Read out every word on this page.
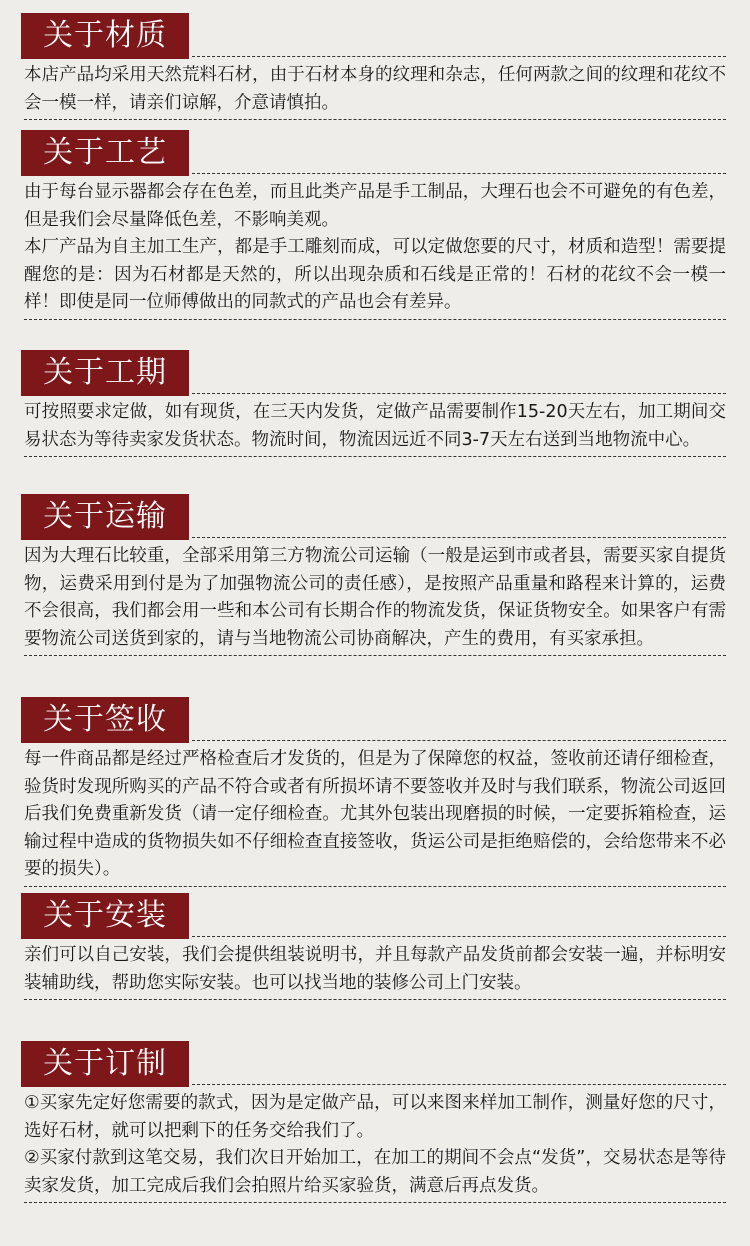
关于材质
本店产品均采用天然荒料石材，由于石材本身的纹理和杂志，任何两款之间的纹理和花纹不会一模一样，请亲们谅解，介意请慎拍。
关于工艺
由于每台显示器都会存在色差，而且此类产品是手工制品，大理石也会不可避免的有色差，但是我们会尽量降低色差，不影响美观。
本厂产品为自主加工生产，都是手工雕刻而成，可以定做您要的尺寸，材质和造型！需要提醒您的是：因为石材都是天然的，所以出现杂质和石线是正常的！石材的花纹不会一模一样！即使是同一位师傅做出的同款式的产品也会有差异。
关于工期
可按照要求定做，如有现货，在三天内发货，定做产品需要制作15-20天左右，加工期间交易状态为等待卖家发货状态。物流时间，物流因远近不同3-7天左右送到当地物流中心。
关于运输
因为大理石比较重，全部采用第三方物流公司运输（一般是运到市或者县，需要买家自提货物，运费采用到付是为了加强物流公司的责任感），是按照产品重量和路程来计算的，运费不会很高，我们都会用一些和本公司有长期合作的物流发货，保证货物安全。如果客户有需要物流公司送货到家的，请与当地物流公司协商解决，产生的费用，有买家承担。
关于签收
每一件商品都是经过严格检查后才发货的，但是为了保障您的权益，签收前还请仔细检查，验货时发现所购买的产品不符合或者有所损坏请不要签收并及时与我们联系，物流公司返回后我们免费重新发货（请一定仔细检查。尤其外包装出现磨损的时候，一定要拆箱检查，运输过程中造成的货物损失如不仔细检查直接签收，货运公司是拒绝赔偿的，会给您带来不必要的损失）。
关于安装
亲们可以自己安装，我们会提供组装说明书，并且每款产品发货前都会安装一遍，并标明安装辅助线，帮助您实际安装。也可以找当地的装修公司上门安装。
关于订制
①买家先定好您需要的款式，因为是定做产品，可以来图来样加工制作，测量好您的尺寸，选好石材，就可以把剩下的任务交给我们了。
②买家付款到这笔交易，我们次日开始加工，在加工的期间不会点“发货”，交易状态是等待卖家发货，加工完成后我们会拍照片给买家验货，满意后再点发货。
